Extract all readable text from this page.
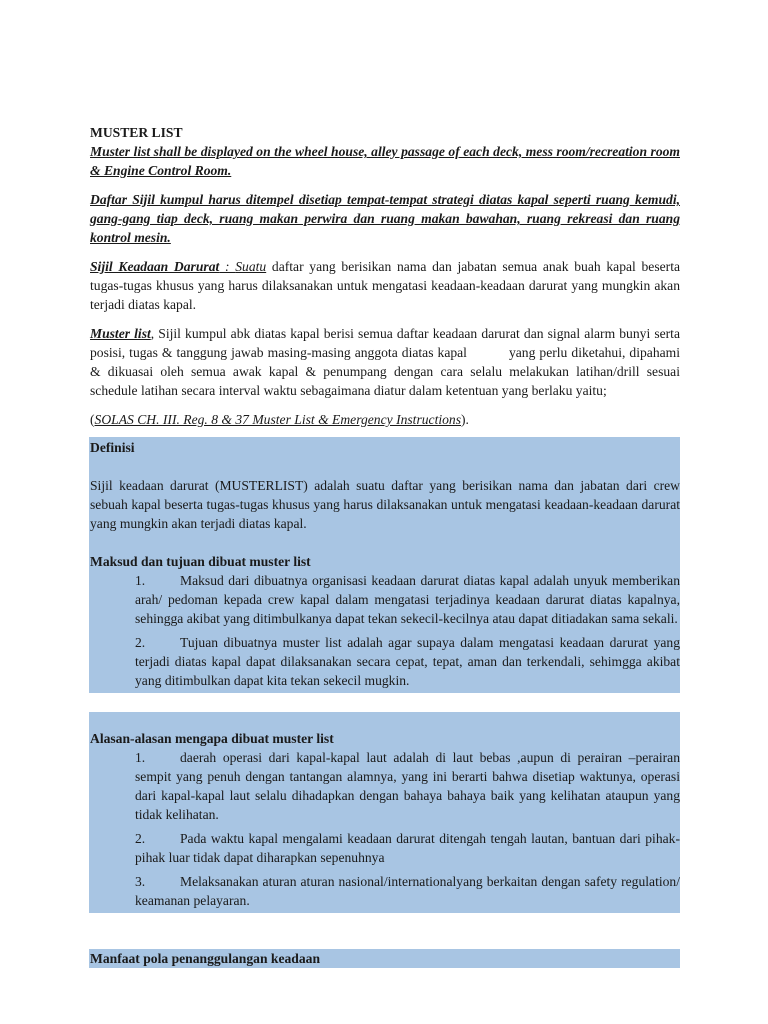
MUSTER LIST

Muster list shall be displayed on the wheel house, alley passage of each deck, mess room/recreation room & Engine Control Room.

Daftar Sijil kumpul harus ditempel disetiap tempat-tempat strategi diatas kapal seperti ruang kemudi, gang-gang tiap deck, ruang makan perwira dan ruang makan bawahan, ruang rekreasi dan ruang kontrol mesin.

Sijil Keadaan Darurat : Suatu daftar yang berisikan nama dan jabatan semua anak buah kapal beserta tugas-tugas khusus yang harus dilaksanakan untuk mengatasi keadaan-keadaan darurat yang mungkin akan terjadi diatas kapal.

Muster list, Sijil kumpul abk diatas kapal berisi semua daftar keadaan darurat dan signal alarm bunyi serta posisi, tugas & tanggung jawab masing-masing anggota diatas kapal	yang perlu diketahui, dipahami & dikuasai oleh semua awak kapal & penumpang dengan cara selalu melakukan latihan/drill sesuai schedule latihan secara interval waktu sebagaimana diatur dalam ketentuan yang berlaku yaitu;

(SOLAS CH. III. Reg. 8 & 37 Muster List & Emergency Instructions).

Definisi

Sijil keadaan darurat (MUSTERLIST) adalah suatu daftar yang berisikan nama dan jabatan dari crew sebuah kapal beserta tugas-tugas khusus yang harus dilaksanakan untuk mengatasi keadaan-keadaan darurat yang mungkin akan terjadi diatas kapal.

Maksud dan tujuan dibuat muster list
1.	Maksud dari dibuatnya organisasi keadaan darurat diatas kapal adalah unyuk memberikan arah/ pedoman kepada crew kapal dalam mengatasi terjadinya keadaan darurat diatas kapalnya, sehingga akibat yang ditimbulkanya dapat tekan sekecil-kecilnya atau dapat ditiadakan sama sekali.
2.	Tujuan dibuatnya muster list adalah agar supaya dalam mengatasi keadaan darurat yang terjadi diatas kapal dapat dilaksanakan secara cepat, tepat, aman dan terkendali, sehimgga akibat yang ditimbulkan dapat kita tekan sekecil mugkin.
Alasan-alasan mengapa dibuat muster list
1.	daerah operasi dari kapal-kapal laut adalah di laut bebas ,aupun di perairan –perairan sempit yang penuh dengan tantangan alamnya, yang ini berarti bahwa disetiap waktunya, operasi dari kapal-kapal laut selalu dihadapkan dengan bahaya bahaya baik yang kelihatan ataupun yang tidak kelihatan.
2.	Pada waktu kapal mengalami keadaan darurat ditengah tengah lautan, bantuan dari pihak-pihak luar tidak dapat diharapkan sepenuhnya
3.	Melaksanakan aturan aturan nasional/internationalyang berkaitan dengan safety regulation/ keamanan pelayaran.
Manfaat pola penanggulangan keadaan
